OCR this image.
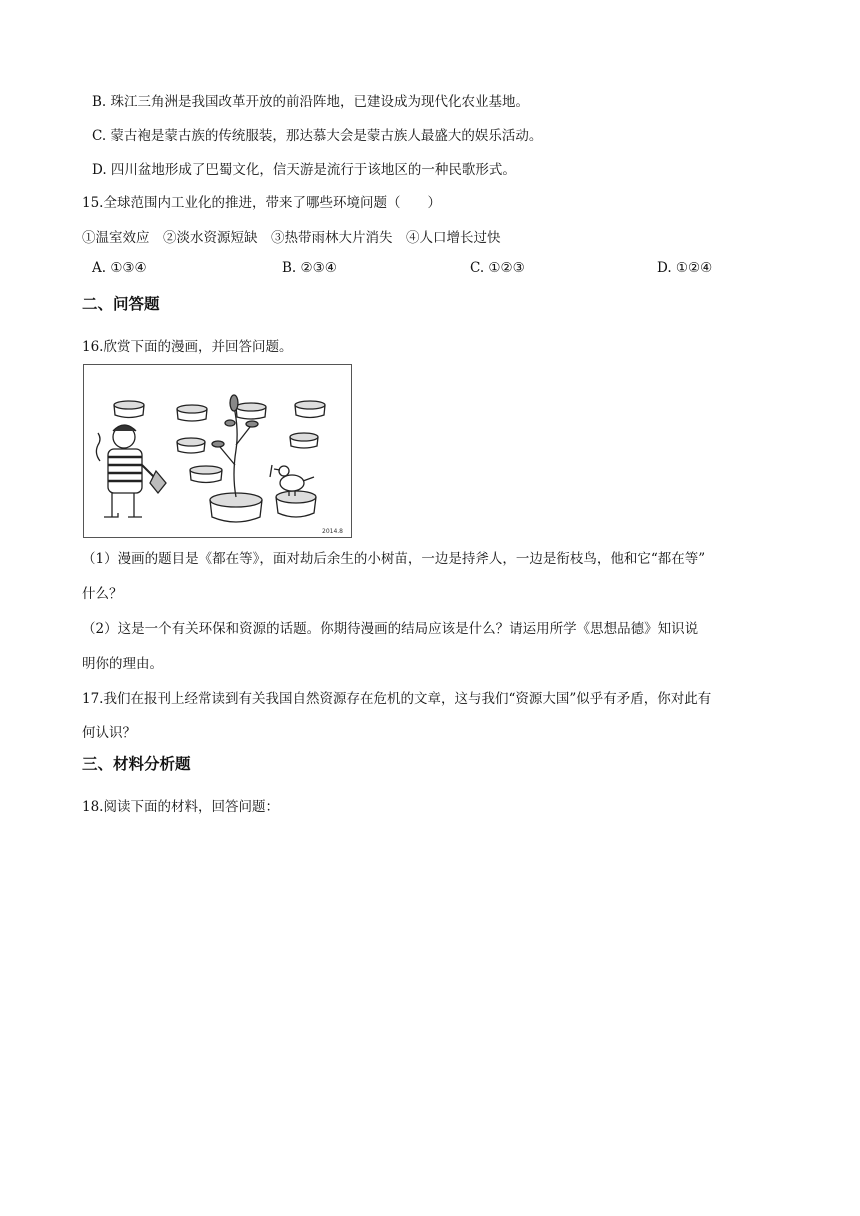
B. 珠江三角洲是我国改革开放的前沿阵地，已建设成为现代化农业基地。
C. 蒙古袍是蒙古族的传统服装，那达慕大会是蒙古族人最盛大的娱乐活动。
D. 四川盆地形成了巴蜀文化，信天游是流行于该地区的一种民歌形式。
15.全球范围内工业化的推进，带来了哪些环境问题（　　）
①温室效应　②淡水资源短缺　③热带雨林大片消失　④人口增长过快
A. ①③④	B. ②③④	C. ①②③	D. ①②④
二、问答题
16.欣赏下面的漫画，并回答问题。
2014.8
（1）漫画的题目是《都在等》，面对劫后余生的小树苗，一边是持斧人，一边是衔枝鸟，他和它“都在等”
什么？
（2）这是一个有关环保和资源的话题。你期待漫画的结局应该是什么？请运用所学《思想品德》知识说
明你的理由。
17.我们在报刊上经常读到有关我国自然资源存在危机的文章，这与我们“资源大国”似乎有矛盾，你对此有
何认识？
三、材料分析题
18.阅读下面的材料，回答问题：
